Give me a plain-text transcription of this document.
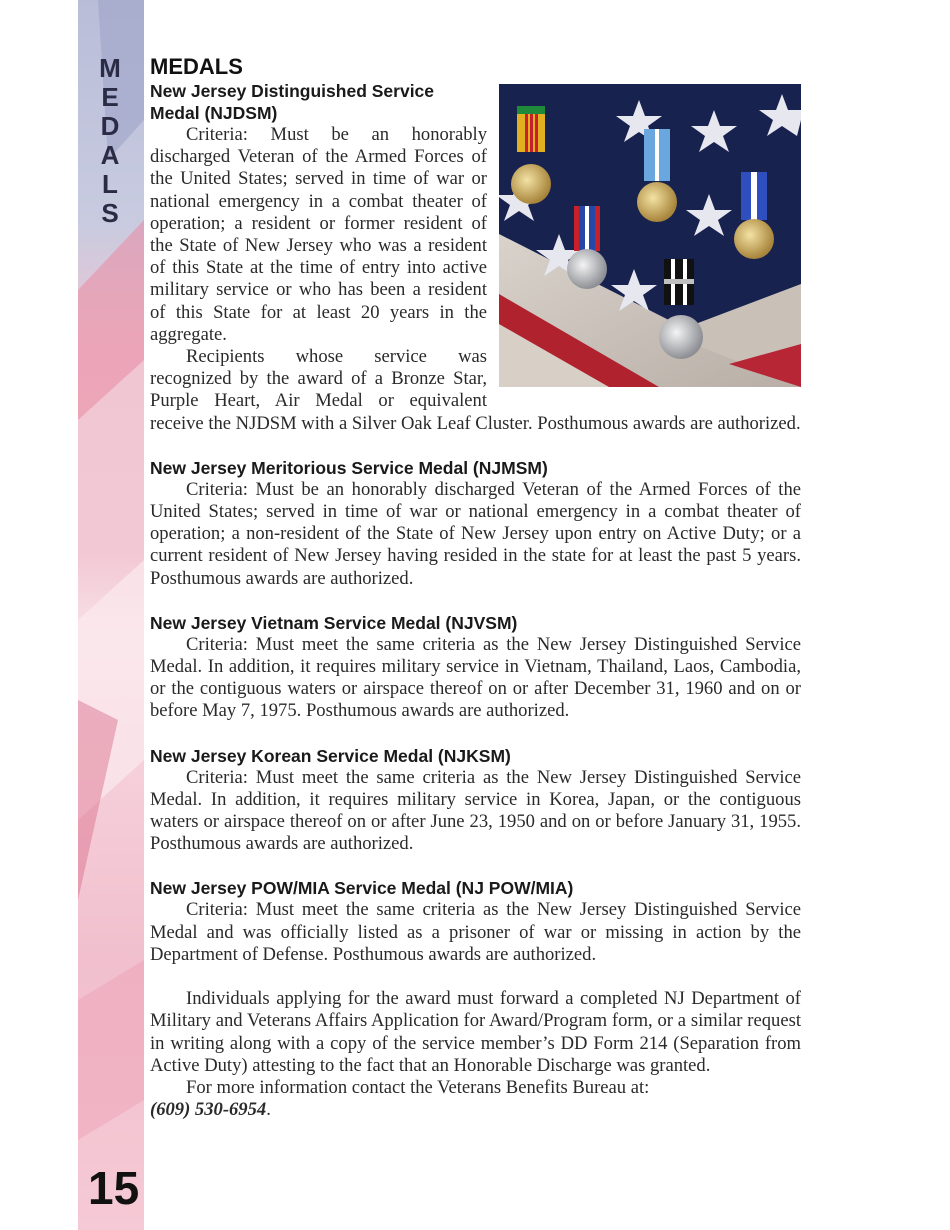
M
E
D
A
L
S
15
MEDALS
New Jersey Distinguished Service Medal (NJDSM)

Criteria: Must be an honorably discharged Veteran of the Armed Forces of the United States; served in time of war or national emergency in a combat theater of operation; a resident or former resident of the State of New Jersey who was a resident of this State at the time of entry into active military service or who has been a resident of this State for at least 20 years in the aggregate.

Recipients whose service was recognized by the award of a Bronze Star, Purple Heart, Air Medal or equivalent receive the NJDSM with a Silver Oak Leaf Cluster. Posthumous awards are authorized.

New Jersey Meritorious Service Medal (NJMSM)

Criteria: Must be an honorably discharged Veteran of the Armed Forces of the United States; served in time of war or national emergency in a combat theater of operation; a non-resident of the State of New Jersey upon entry on Active Duty; or a current resident of New Jersey having resided in the state for at least the past 5 years. Posthumous awards are authorized.

New Jersey Vietnam Service Medal (NJVSM)

Criteria: Must meet the same criteria as the New Jersey Distinguished Service Medal. In addition, it requires military service in Vietnam, Thailand, Laos, Cambodia, or the contiguous waters or airspace thereof on or after December 31, 1960 and on or before May 7, 1975. Posthumous awards are authorized.

New Jersey Korean Service Medal (NJKSM)

Criteria: Must meet the same criteria as the New Jersey Distinguished Service Medal. In addition, it requires military service in Korea, Japan, or the contiguous waters or airspace thereof on or after June 23, 1950 and on or before January 31, 1955. Posthumous awards are authorized.

New Jersey POW/MIA Service Medal (NJ POW/MIA)

Criteria: Must meet the same criteria as the New Jersey Distinguished Service Medal and was officially listed as a prisoner of war or missing in action by the Department of Defense. Posthumous awards are authorized.

Individuals applying for the award must forward a completed NJ Department of Military and Veterans Affairs Application for Award/Program form, or a similar request in writing along with a copy of the service member’s DD Form 214 (Separation from Active Duty) attesting to the fact that an Honorable Discharge was granted.

For more information contact the Veterans Benefits Bureau at:

(609) 530-6954.
